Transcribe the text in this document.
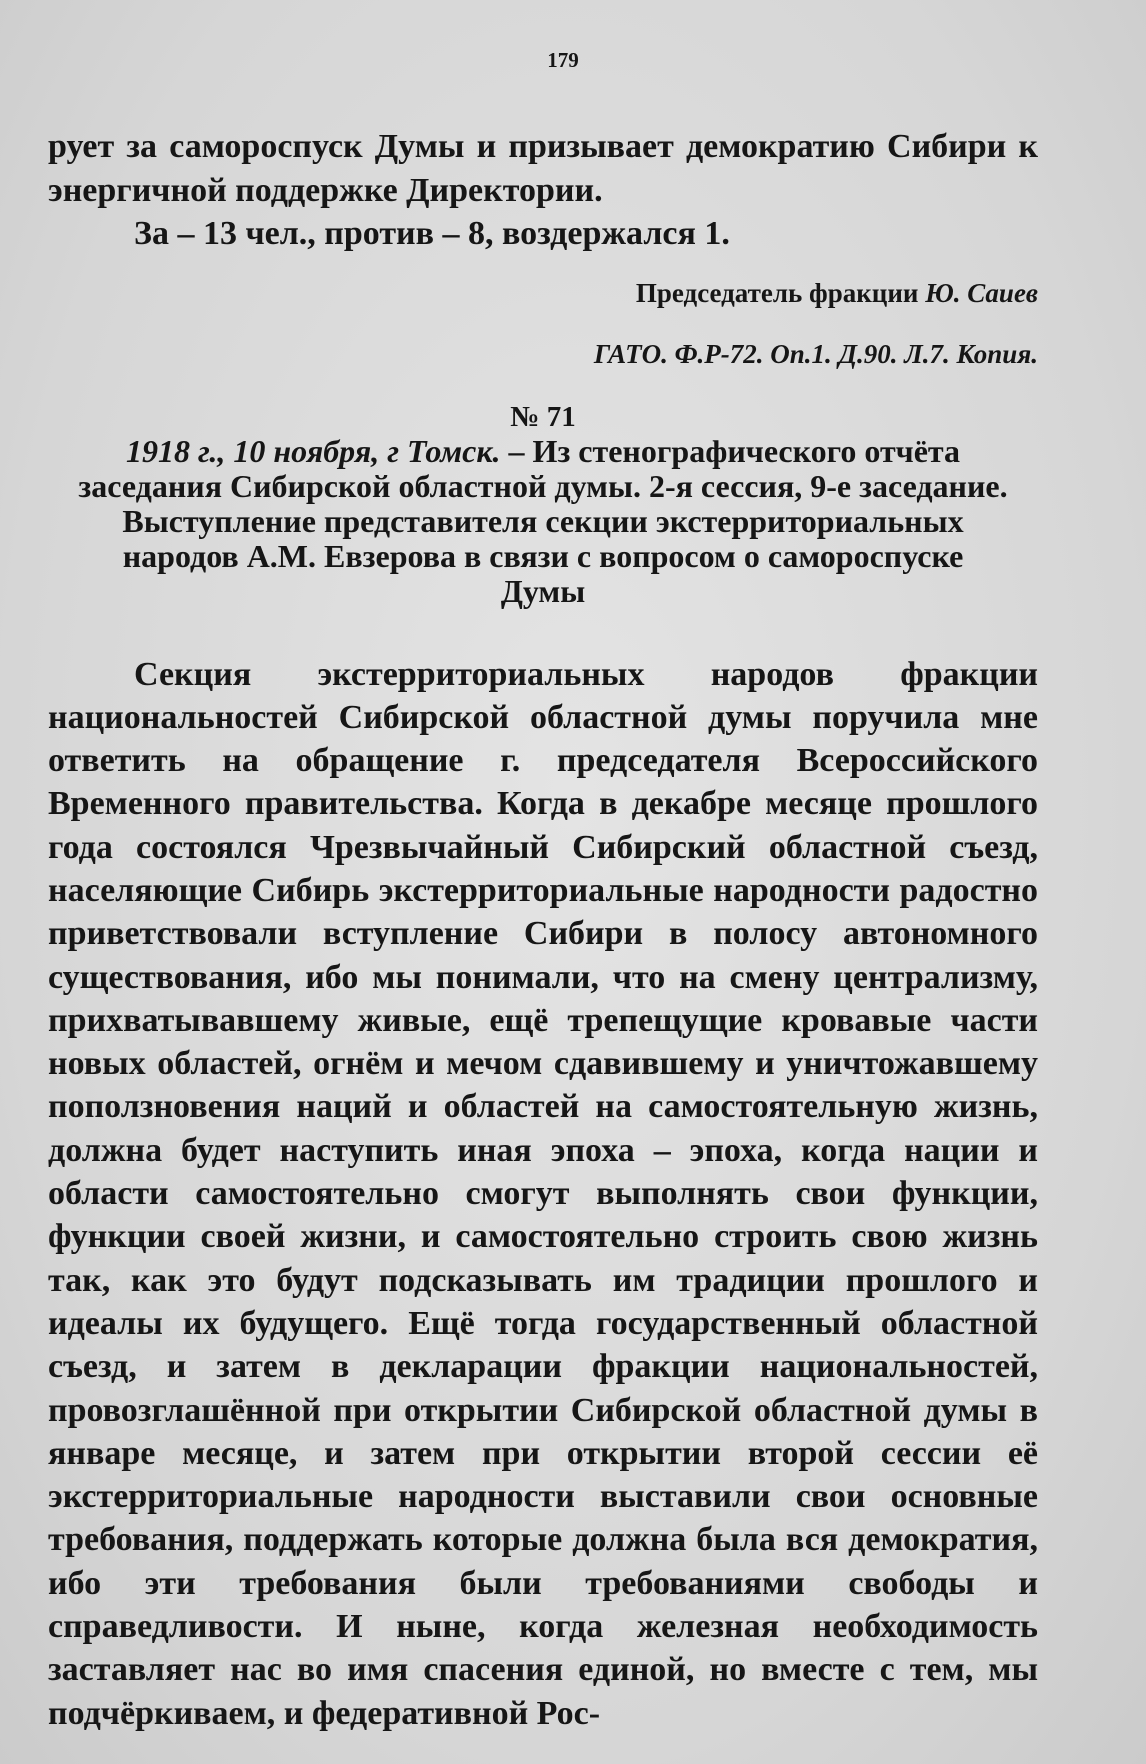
179

рует за самороспуск Думы и призывает демократию Сибири к энергичной поддержке Директории.

За – 13 чел., против – 8, воздержался 1.

Председатель фракции Ю. Саиев

ГАТО. Ф.Р-72. Оп.1. Д.90. Л.7. Копия.

№ 71
1918 г., 10 ноября, г Томск. – Из стенографического отчёта заседания Сибирской областной думы. 2-я сессия, 9-е заседание. Выступление представителя секции экстерриториальных народов А.М. Евзерова в связи с вопросом о самороспуске Думы

Секция экстерриториальных народов фракции национальностей Сибирской областной думы поручила мне ответить на обращение г. председателя Всероссийского Временного правительства. Когда в декабре месяце прошлого года состоялся Чрезвычайный Сибирский областной съезд, населяющие Сибирь экстерриториальные народности радостно приветствовали вступление Сибири в полосу автономного существования, ибо мы понимали, что на смену централизму, прихватывавшему живые, ещё трепещущие кровавые части новых областей, огнём и мечом сдавившему и уничтожавшему поползновения наций и областей на самостоятельную жизнь, должна будет наступить иная эпоха – эпоха, когда нации и области самостоятельно смогут выполнять свои функции, функции своей жизни, и самостоятельно строить свою жизнь так, как это будут подсказывать им традиции прошлого и идеалы их будущего. Ещё тогда государственный областной съезд, и затем в декларации фракции национальностей, провозглашённой при открытии Сибирской областной думы в январе месяце, и затем при открытии второй сессии её экстерриториальные народности выставили свои основные требования, поддержать которые должна была вся демократия, ибо эти требования были требованиями свободы и справедливости. И ныне, когда железная необходимость заставляет нас во имя спасения единой, но вместе с тем, мы подчёркиваем, и федеративной Рос-
